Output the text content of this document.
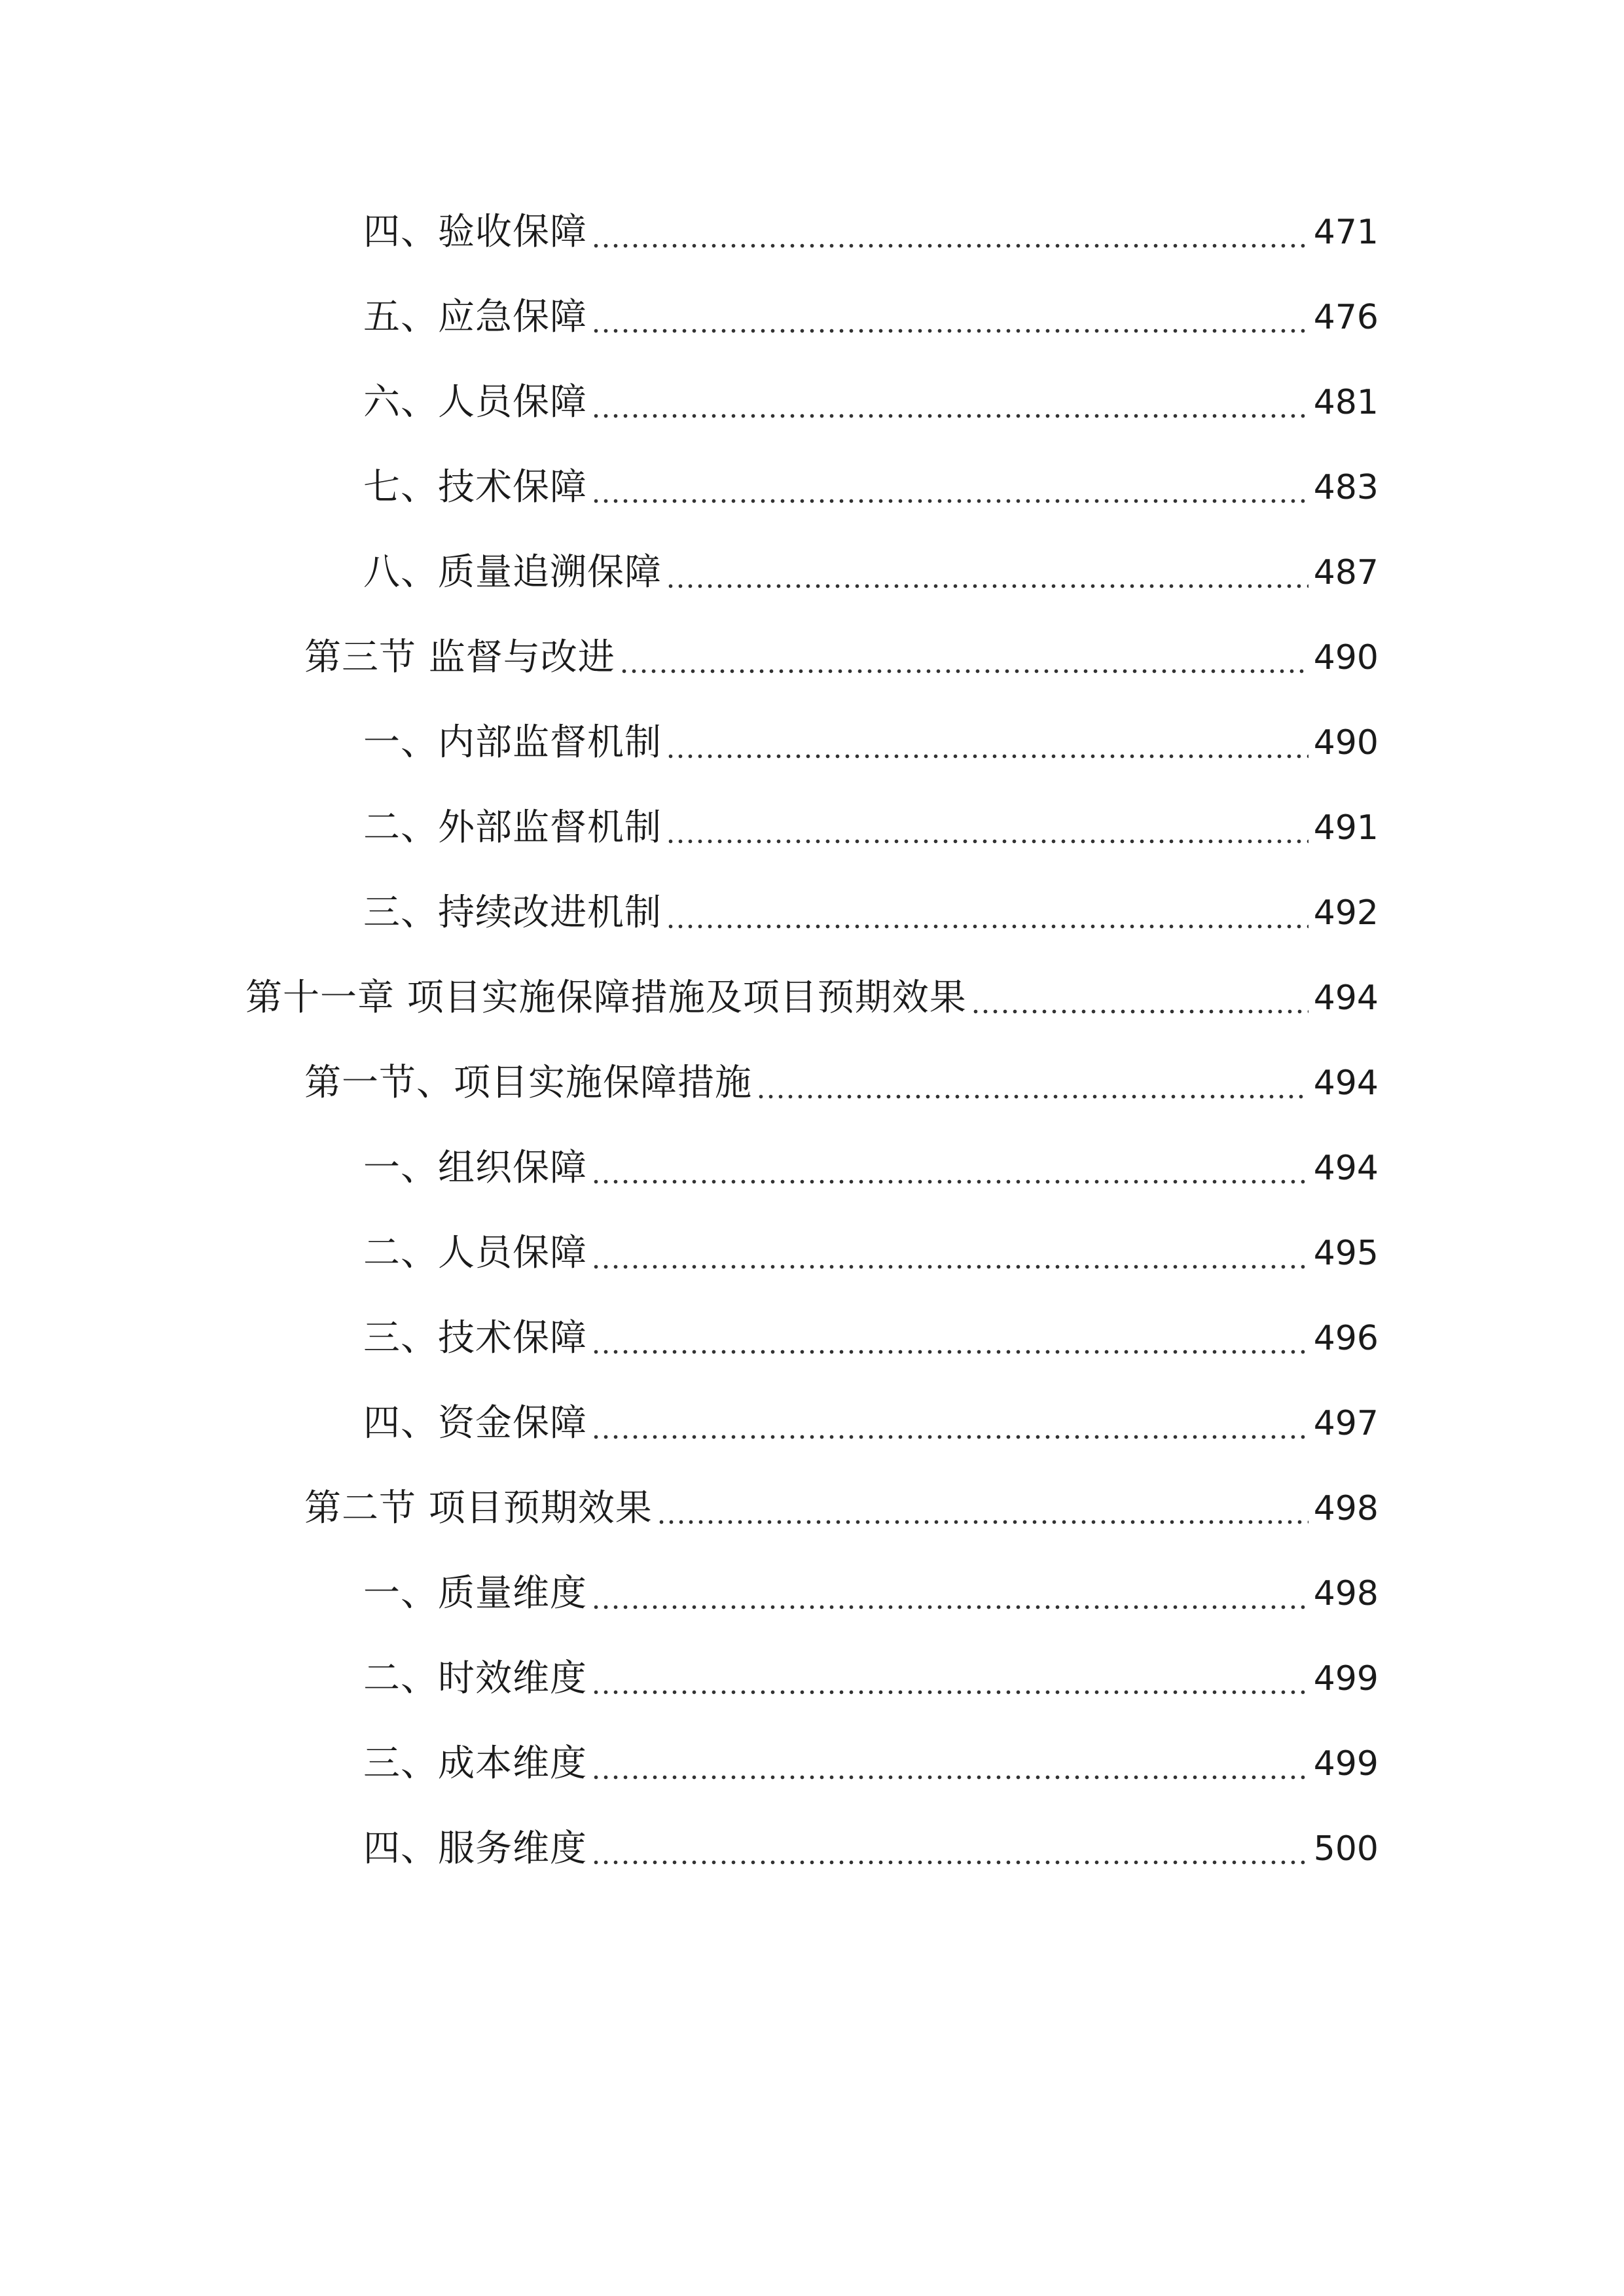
四、验收保障	471
五、应急保障	476
六、人员保障	481
七、技术保障	483
八、质量追溯保障	487
第三节 监督与改进	490
一、内部监督机制	490
二、外部监督机制	491
三、持续改进机制	492
第十一章 项目实施保障措施及项目预期效果	494
第一节、项目实施保障措施	494
一、组织保障	494
二、人员保障	495
三、技术保障	496
四、资金保障	497
第二节 项目预期效果	498
一、质量维度	498
二、时效维度	499
三、成本维度	499
四、服务维度	500
